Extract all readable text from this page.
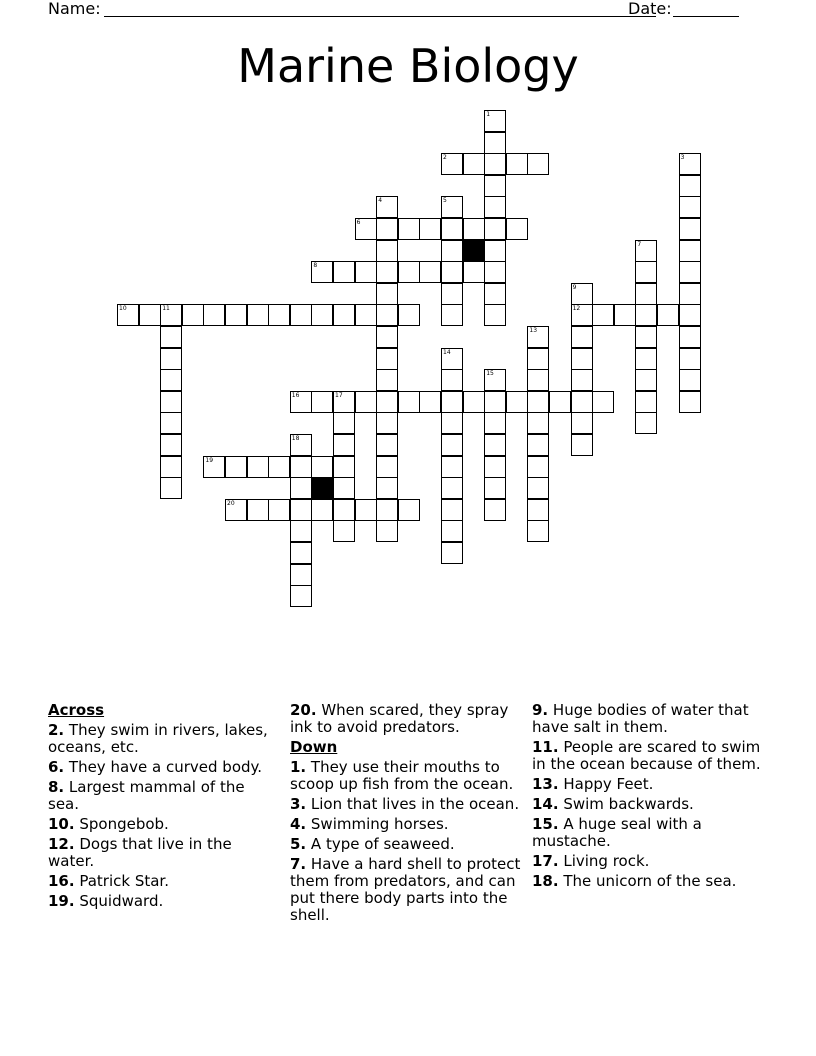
Name:	Date:
Marine Biology
1
2	3
4	5
6
7
8
9
12
10	11
13
14
15
16	17
18
19
20
Across
2. They swim in rivers, lakes, oceans, etc.
6. They have a curved body.
8. Largest mammal of the sea.
10. Spongebob.
12. Dogs that live in the water.
16. Patrick Star.
19. Squidward.
20. When scared, they spray ink to avoid predators.
Down
1. They use their mouths to scoop up fish from the ocean.
3. Lion that lives in the ocean.
4. Swimming horses.
5. A type of seaweed.
7. Have a hard shell to protect them from predators, and can put there body parts into the shell.
9. Huge bodies of water that have salt in them.
11. People are scared to swim in the ocean because of them.
13. Happy Feet.
14. Swim backwards.
15. A huge seal with a mustache.
17. Living rock.
18. The unicorn of the sea.
